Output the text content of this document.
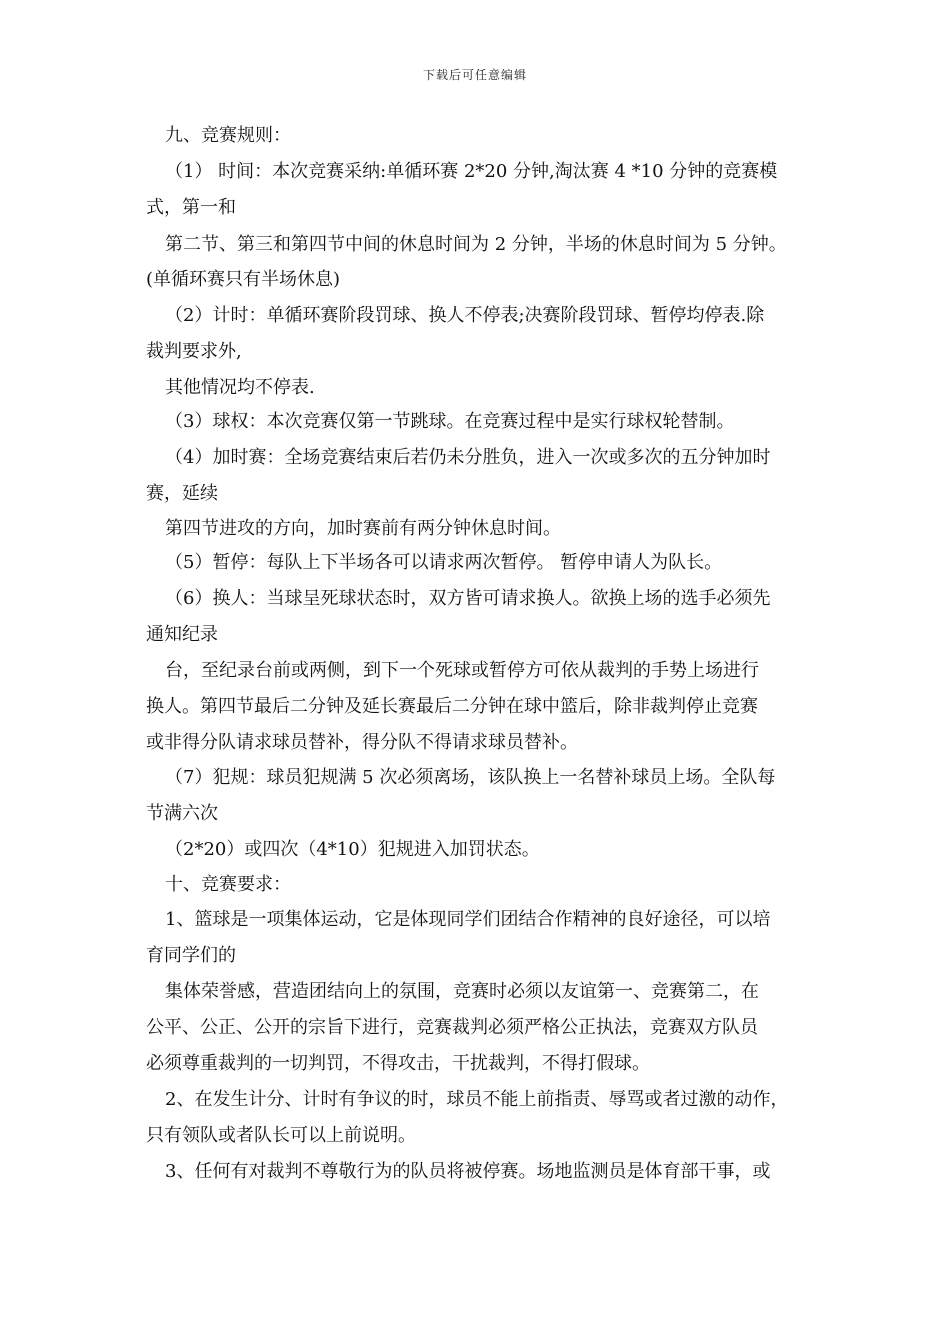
下载后可任意编辑
九、竞赛规则：
（1） 时间：本次竞赛采纳:单循环赛 2*20 分钟,淘汰赛 4 *10 分钟的竞赛模
式，第一和
第二节、第三和第四节中间的休息时间为 2 分钟，半场的休息时间为 5 分钟。
(单循环赛只有半场休息)
（2）计时：单循环赛阶段罚球、换人不停表;决赛阶段罚球、暂停均停表.除
裁判要求外,
其他情况均不停表.
（3）球权：本次竞赛仅第一节跳球。在竞赛过程中是实行球权轮替制。
（4）加时赛：全场竞赛结束后若仍未分胜负，进入一次或多次的五分钟加时
赛，延续
第四节进攻的方向，加时赛前有两分钟休息时间。
（5）暂停：每队上下半场各可以请求两次暂停。 暂停申请人为队长。
（6）换人：当球呈死球状态时，双方皆可请求换人。欲换上场的选手必须先
通知纪录
台，至纪录台前或两侧，到下一个死球或暂停方可依从裁判的手势上场进行
换人。第四节最后二分钟及延长赛最后二分钟在球中篮后，除非裁判停止竞赛
或非得分队请求球员替补，得分队不得请求球员替补。
（7）犯规：球员犯规满 5 次必须离场，该队换上一名替补球员上场。全队每
节满六次
（2*20）或四次（4*10）犯规进入加罚状态。
十、竞赛要求：
1、篮球是一项集体运动，它是体现同学们团结合作精神的良好途径，可以培
育同学们的
集体荣誉感，营造团结向上的氛围，竞赛时必须以友谊第一、竞赛第二，在
公平、公正、公开的宗旨下进行，竞赛裁判必须严格公正执法，竞赛双方队员
必须尊重裁判的一切判罚，不得攻击，干扰裁判，不得打假球。
2、在发生计分、计时有争议的时，球员不能上前指责、辱骂或者过激的动作，
只有领队或者队长可以上前说明。
3、任何有对裁判不尊敬行为的队员将被停赛。场地监测员是体育部干事，或
